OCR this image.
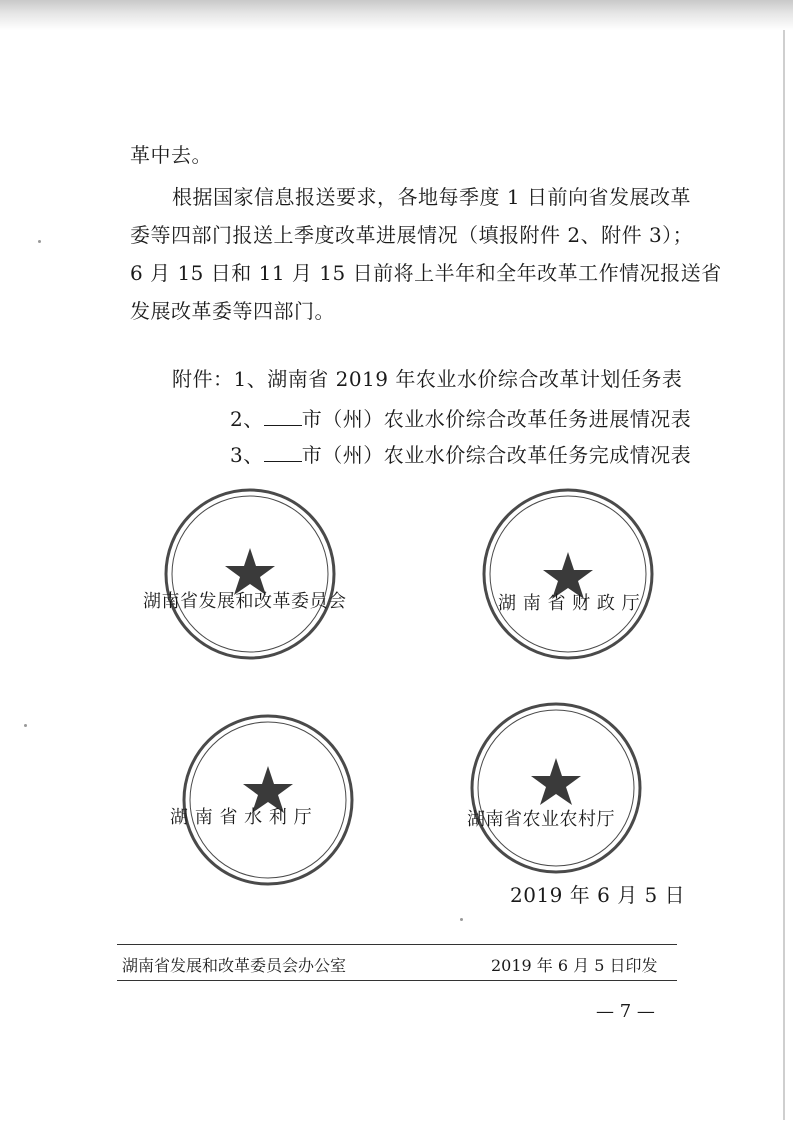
革中去。
根据国家信息报送要求，各地每季度 1 日前向省发展改革
委等四部门报送上季度改革进展情况（填报附件 2、附件 3）；
6 月 15 日和 11 月 15 日前将上半年和全年改革工作情况报送省
发展改革委等四部门。
附件：1、湖南省 2019 年农业水价综合改革计划任务表
2、 市（州）农业水价综合改革任务进展情况表
3、 市（州）农业水价综合改革任务完成情况表
湖南省发展和改革委员会	湖 南 省 财 政 厅
湖 南 省 水 利 厅	湖南省农业农村厅
2019 年 6 月 5 日
湖南省发展和改革委员会办公室	2019 年 6 月 5 日印发
— 7 —
